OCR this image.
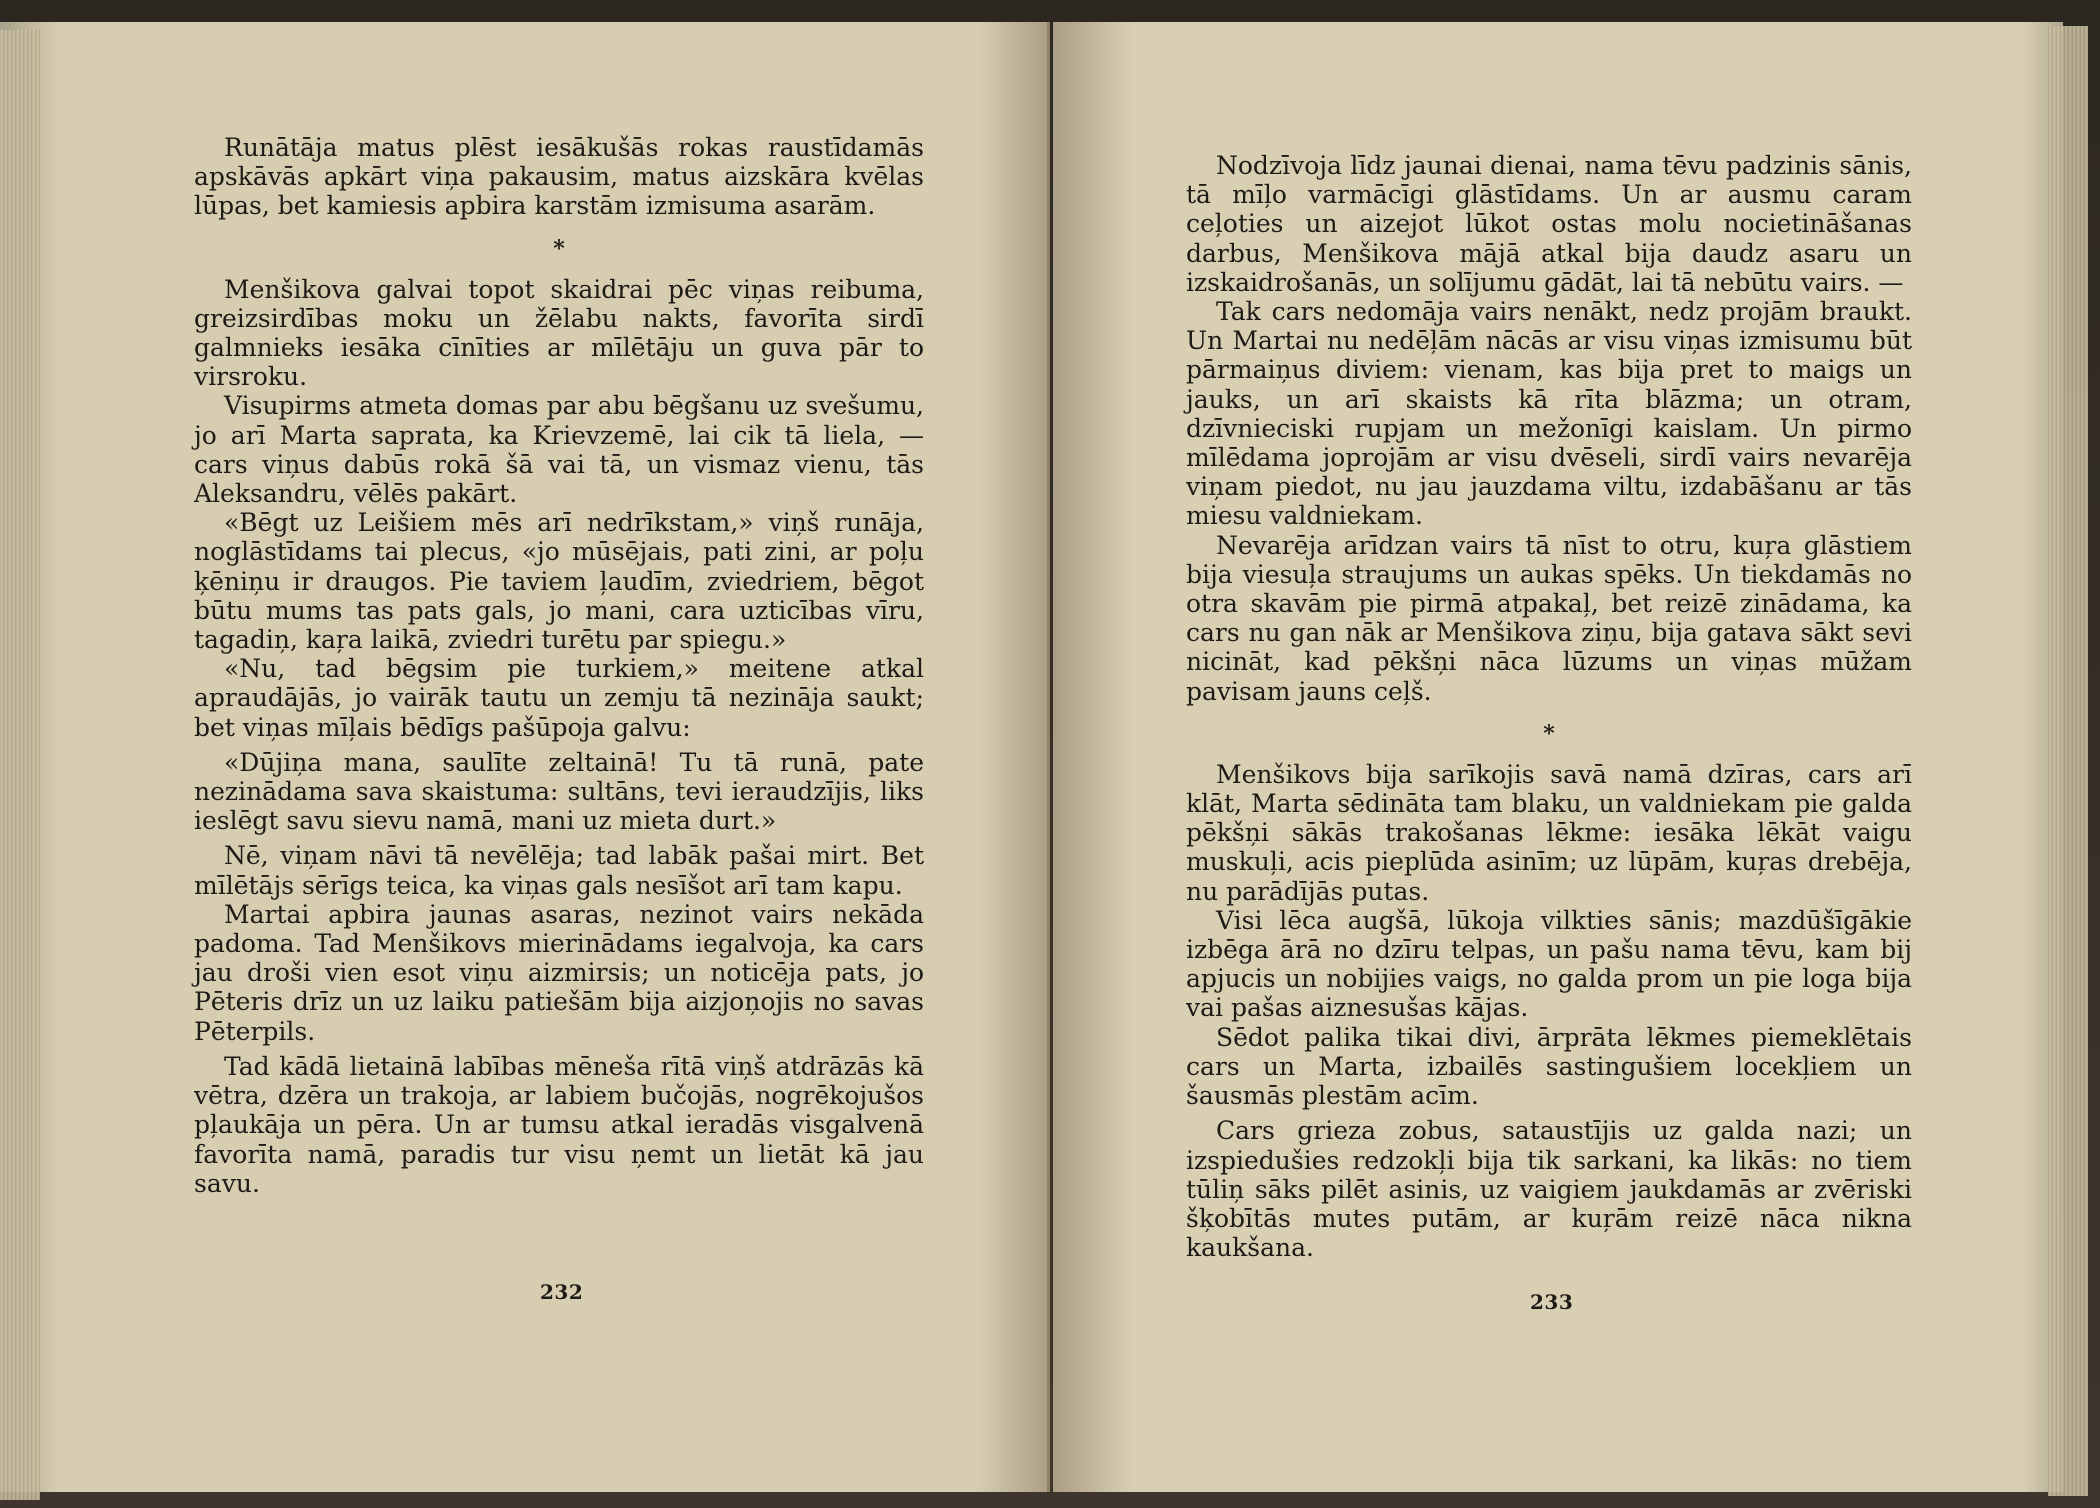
Runātāja matus plēst iesākušās rokas raustīdamās apskāvās apkārt viņa pakausim, matus aizskāra kvēlas lūpas, bet kamiesis apbira karstām izmisuma asarām.

*

Menšikova galvai topot skaidrai pēc viņas reibuma, greizsirdības moku un žēlabu nakts, favorīta sirdī galmnieks iesāka cīnīties ar mīlētāju un guva pār to virsroku.

Visupirms atmeta domas par abu bēgšanu uz svešumu, jo arī Marta saprata, ka Krievzemē, lai cik tā liela, — cars viņus dabūs rokā šā vai tā, un vismaz vienu, tās Aleksandru, vēlēs pakārt.

«Bēgt uz Leišiem mēs arī nedrīkstam,» viņš runāja, noglāstīdams tai plecus, «jo mūsējais, pati zini, ar poļu ķēniņu ir draugos. Pie taviem ļaudīm, zviedriem, bēgot būtu mums tas pats gals, jo mani, cara uzticības vīru, tagadiņ, kaŗa laikā, zviedri turētu par spiegu.»

«Nu, tad bēgsim pie turkiem,» meitene atkal apraudājās, jo vairāk tautu un zemju tā nezināja saukt; bet viņas mīļais bēdīgs pašūpoja galvu:

«Dūjiņa mana, saulīte zeltainā! Tu tā runā, pate nezinādama sava skaistuma: sultāns, tevi ieraudzījis, liks ieslēgt savu sievu namā, mani uz mieta durt.»

Nē, viņam nāvi tā nevēlēja; tad labāk pašai mirt. Bet mīlētājs sērīgs teica, ka viņas gals nesīšot arī tam kapu.

Martai apbira jaunas asaras, nezinot vairs nekāda padoma. Tad Menšikovs mierinādams iegalvoja, ka cars jau droši vien esot viņu aizmirsis; un noticēja pats, jo Pēteris drīz un uz laiku patiešām bija aizjoņojis no savas Pēterpils.

Tad kādā lietainā labības mēneša rītā viņš atdrāzās kā vētra, dzēra un trakoja, ar labiem bučojās, nogrēkojušos pļaukāja un pēra. Un ar tumsu atkal ieradās visgalvenā favorīta namā, paradis tur visu ņemt un lietāt kā jau savu.

232

Nodzīvoja līdz jaunai dienai, nama tēvu padzinis sānis, tā mīļo varmācīgi glāstīdams. Un ar ausmu caram ceļoties un aizejot lūkot ostas molu nocietināšanas darbus, Menšikova mājā atkal bija daudz asaru un izskaidrošanās, un solījumu gādāt, lai tā nebūtu vairs. —

Tak cars nedomāja vairs nenākt, nedz projām braukt. Un Martai nu nedēļām nācās ar visu viņas izmisumu būt pārmaiņus diviem: vienam, kas bija pret to maigs un jauks, un arī skaists kā rīta blāzma; un otram, dzīvnieciski rupjam un mežonīgi kaislam. Un pirmo mīlēdama joprojām ar visu dvēseli, sirdī vairs nevarēja viņam piedot, nu jau jauzdama viltu, izdabāšanu ar tās miesu valdniekam.

Nevarēja arīdzan vairs tā nīst to otru, kuŗa glāstiem bija viesuļa straujums un aukas spēks. Un tiekdamās no otra skavām pie pirmā atpakaļ, bet reizē zinādama, ka cars nu gan nāk ar Menšikova ziņu, bija gatava sākt sevi nicināt, kad pēkšņi nāca lūzums un viņas mūžam pavisam jauns ceļš.

*

Menšikovs bija sarīkojis savā namā dzīras, cars arī klāt, Marta sēdināta tam blaku, un valdniekam pie galda pēkšņi sākās trakošanas lēkme: iesāka lēkāt vaigu muskuļi, acis pieplūda asinīm; uz lūpām, kuŗas drebēja, nu parādījās putas.

Visi lēca augšā, lūkoja vilkties sānis; mazdūšīgākie izbēga ārā no dzīru telpas, un pašu nama tēvu, kam bij apjucis un nobijies vaigs, no galda prom un pie loga bija vai pašas aiznesušas kājas.

Sēdot palika tikai divi, ārprāta lēkmes piemeklētais cars un Marta, izbailēs sastingušiem locekļiem un šausmās plestām acīm.

Cars grieza zobus, sataustījis uz galda nazi; un izspiedušies redzokļi bija tik sarkani, ka likās: no tiem tūliņ sāks pilēt asinis, uz vaigiem jaukdamās ar zvēriski šķobītās mutes putām, ar kuŗām reizē nāca nikna kaukšana.

233
